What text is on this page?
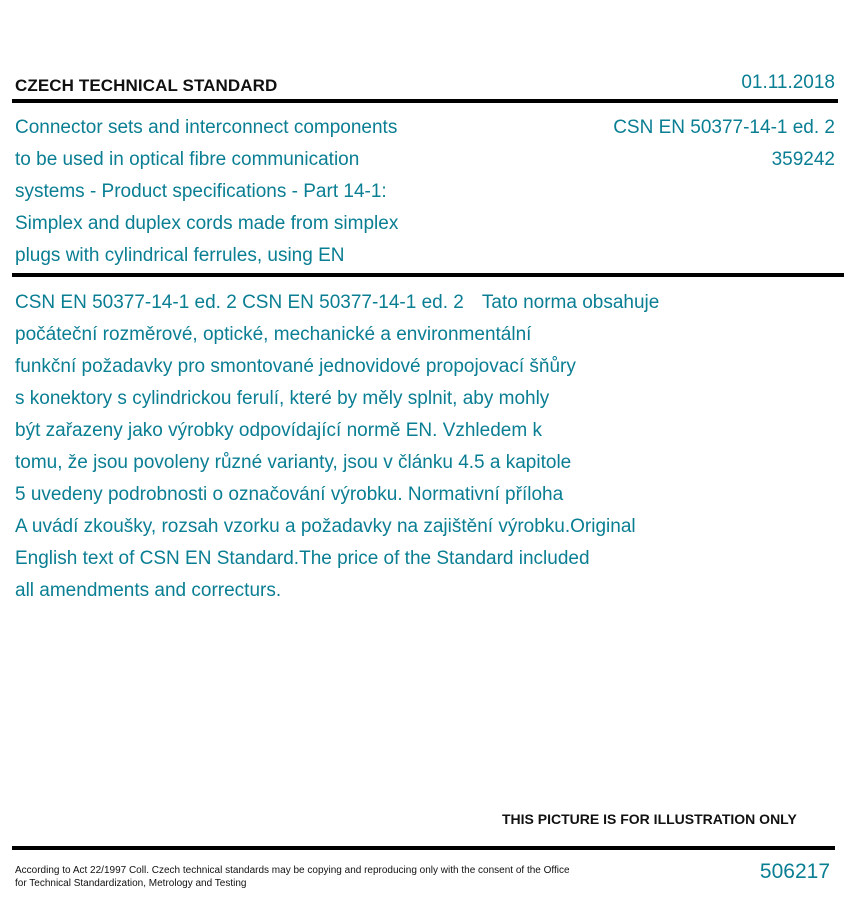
CZECH TECHNICAL STANDARD	01.11.2018
Connector sets and interconnect components
to be used in optical fibre communication
systems - Product specifications - Part 14-1:
Simplex and duplex cords made from simplex
plugs with cylindrical ferrules, using EN
CSN EN 50377-14-1 ed. 2
359242
CSN EN 50377-14-1 ed. 2 CSN EN 50377-14-1 ed. 2 Tato norma obsahuje
počáteční rozměrové, optické, mechanické a environmentální
funkční požadavky pro smontované jednovidové propojovací šňůry
s konektory s cylindrickou ferulí, které by měly splnit, aby mohly
být zařazeny jako výrobky odpovídající normě EN. Vzhledem k
tomu, že jsou povoleny různé varianty, jsou v článku 4.5 a kapitole
5 uvedeny podrobnosti o označování výrobku. Normativní příloha
A uvádí zkoušky, rozsah vzorku a požadavky na zajištění výrobku.Original
English text of CSN EN Standard.The price of the Standard included
all amendments and correcturs.
THIS PICTURE IS FOR ILLUSTRATION ONLY
According to Act 22/1997 Coll. Czech technical standards may be copying and reproducing only with the consent of the Office
for Technical Standardization, Metrology and Testing
506217
